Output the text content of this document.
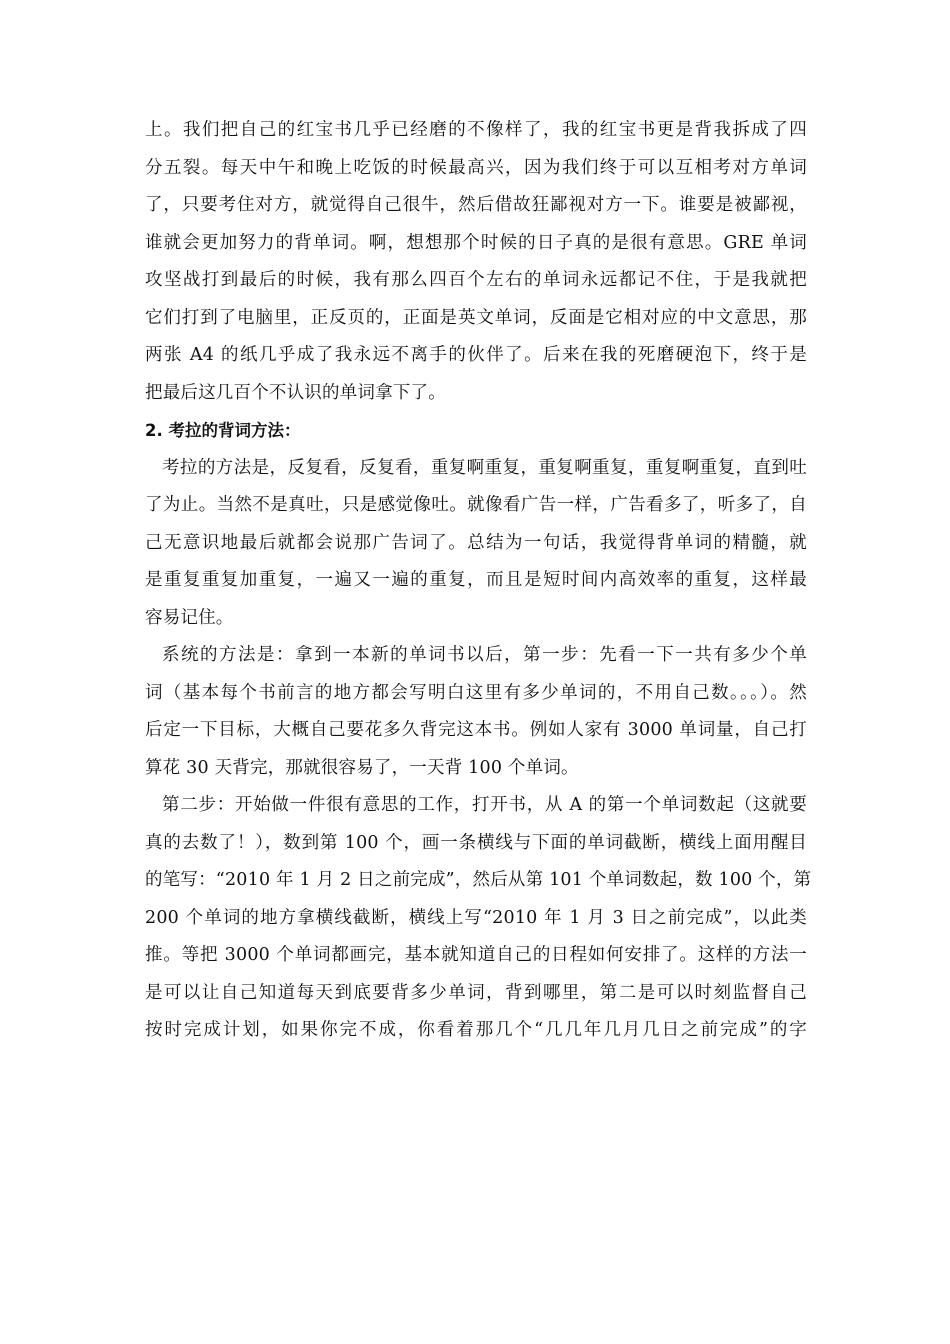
上。我们把自己的红宝书几乎已经磨的不像样了，我的红宝书更是背我拆成了四
分五裂。每天中午和晚上吃饭的时候最高兴，因为我们终于可以互相考对方单词
了，只要考住对方，就觉得自己很牛，然后借故狂鄙视对方一下。谁要是被鄙视，
谁就会更加努力的背单词。啊，想想那个时候的日子真的是很有意思。GRE 单词
攻坚战打到最后的时候，我有那么四百个左右的单词永远都记不住，于是我就把
它们打到了电脑里，正反页的，正面是英文单词，反面是它相对应的中文意思，那
两张 A4 的纸几乎成了我永远不离手的伙伴了。后来在我的死磨硬泡下，终于是
把最后这几百个不认识的单词拿下了。
2. 考拉的背词方法：
考拉的方法是，反复看，反复看，重复啊重复，重复啊重复，重复啊重复，直到吐
了为止。当然不是真吐，只是感觉像吐。就像看广告一样，广告看多了，听多了，自
己无意识地最后就都会说那广告词了。总结为一句话，我觉得背单词的精髓，就
是重复重复加重复，一遍又一遍的重复，而且是短时间内高效率的重复，这样最
容易记住。
系统的方法是：拿到一本新的单词书以后，第一步：先看一下一共有多少个单
词（基本每个书前言的地方都会写明白这里有多少单词的，不用自己数。。。）。然
后定一下目标，大概自己要花多久背完这本书。例如人家有 3000 单词量，自己打
算花 30 天背完，那就很容易了，一天背 100 个单词。
第二步：开始做一件很有意思的工作，打开书，从 A 的第一个单词数起（这就要
真的去数了！），数到第 100 个，画一条横线与下面的单词截断，横线上面用醒目
的笔写：“2010 年 1 月 2 日之前完成”，然后从第 101 个单词数起，数 100 个，第
200 个单词的地方拿横线截断，横线上写“2010 年 1 月 3 日之前完成”，以此类
推。等把 3000 个单词都画完，基本就知道自己的日程如何安排了。这样的方法一
是可以让自己知道每天到底要背多少单词，背到哪里，第二是可以时刻监督自己
按时完成计划，如果你完不成，你看着那几个“几几年几月几日之前完成”的字
